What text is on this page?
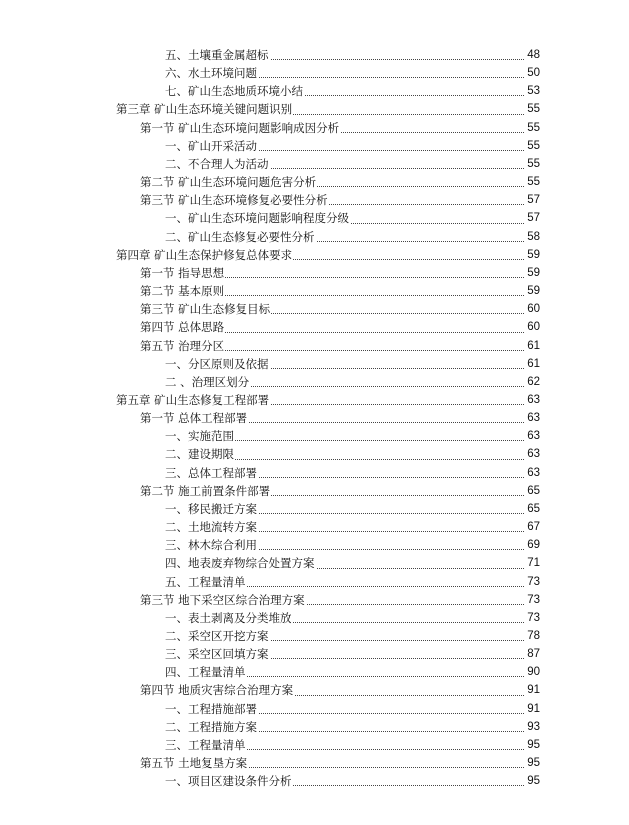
五、土壤重金属超标	48
六、水土环境问题	50
七、矿山生态地质环境小结	53
第三章 矿山生态环境关键问题识别	55
第一节 矿山生态环境问题影响成因分析	55
一、矿山开采活动	55
二、不合理人为活动	55
第二节 矿山生态环境问题危害分析	55
第三节 矿山生态环境修复必要性分析	57
一、矿山生态环境问题影响程度分级	57
二、矿山生态修复必要性分析	58
第四章 矿山生态保护修复总体要求	59
第一节 指导思想	59
第二节 基本原则	59
第三节 矿山生态修复目标	60
第四节 总体思路	60
第五节 治理分区	61
一、分区原则及依据	61
二 、治理区划分	62
第五章 矿山生态修复工程部署	63
第一节 总体工程部署	63
一、实施范围	63
二、建设期限	63
三、总体工程部署	63
第二节 施工前置条件部署	65
一、移民搬迁方案	65
二、土地流转方案	67
三、林木综合利用	69
四、地表废弃物综合处置方案	71
五、工程量清单	73
第三节 地下采空区综合治理方案	73
一、表土剥离及分类堆放	73
二、采空区开挖方案	78
三、采空区回填方案	87
四、工程量清单	90
第四节 地质灾害综合治理方案	91
一、工程措施部署	91
二、工程措施方案	93
三、工程量清单	95
第五节 土地复垦方案	95
一、项目区建设条件分析	95
